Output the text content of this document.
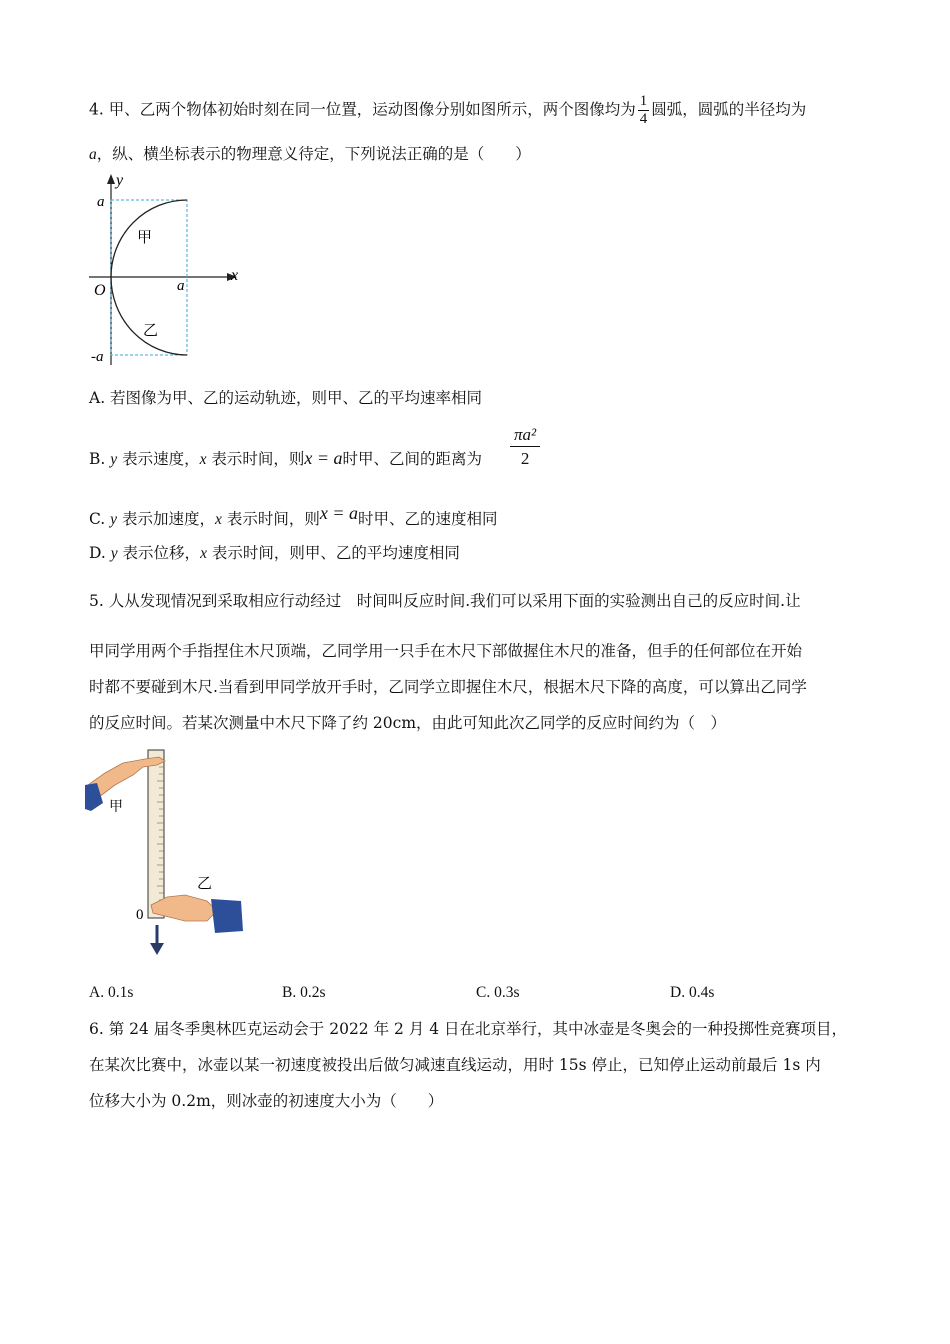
4. 甲、乙两个物体初始时刻在同一位置，运动图像分别如图所示，两个图像均为 $\frac{1}{4}$ 圆弧，圆弧的半径均为
a，纵、横坐标表示的物理意义待定，下列说法正确的是（　　）
y
x
O
a
a
-a
甲
乙
A. 若图像为甲、乙的运动轨迹，则甲、乙的平均速率相同
B. y 表示速度，x 表示时间，则x = a时甲、乙间的距离为
πa²
2
C. y 表示加速度，x 表示时间，则x = a时甲、乙的速度相同
D. y 表示位移，x 表示时间，则甲、乙的平均速度相同
5. 人从发现情况到采取相应行动经过　时间叫反应时间.我们可以采用下面的实验测出自己的反应时间.让
甲同学用两个手指捏住木尺顶端，乙同学用一只手在木尺下部做握住木尺的准备，但手的任何部位在开始
时都不要碰到木尺.当看到甲同学放开手时，乙同学立即握住木尺，根据木尺下降的高度，可以算出乙同学
的反应时间。若某次测量中木尺下降了约 20cm，由此可知此次乙同学的反应时间约为（　）
甲
乙
0
A. 0.1s	B. 0.2s	C. 0.3s	D. 0.4s
6. 第 24 届冬季奥林匹克运动会于 2022 年 2 月 4 日在北京举行，其中冰壶是冬奥会的一种投掷性竞赛项目，
在某次比赛中，冰壶以某一初速度被投出后做匀减速直线运动，用时 15s 停止，已知停止运动前最后 1s 内
位移大小为 0.2m，则冰壶的初速度大小为（　　）
